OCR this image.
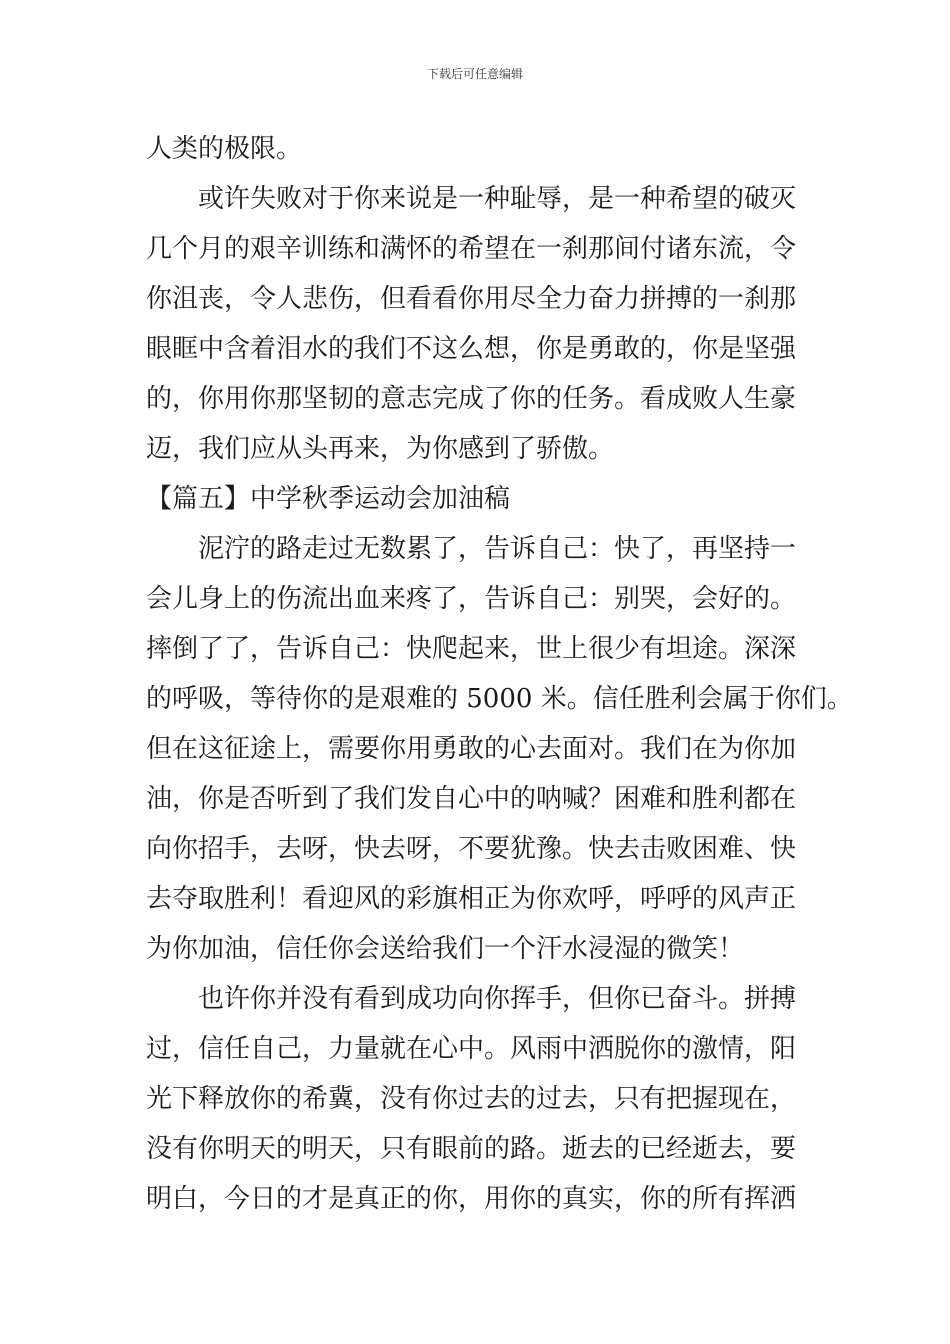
下载后可任意编辑
人类的极限。
或许失败对于你来说是一种耻辱，是一种希望的破灭
几个月的艰辛训练和满怀的希望在一刹那间付诸东流，令
你沮丧，令人悲伤，但看看你用尽全力奋力拼搏的一刹那
眼眶中含着泪水的我们不这么想，你是勇敢的，你是坚强
的，你用你那坚韧的意志完成了你的任务。看成败人生豪
迈，我们应从头再来，为你感到了骄傲。
【篇五】中学秋季运动会加油稿
泥泞的路走过无数累了，告诉自己：快了，再坚持一
会儿身上的伤流出血来疼了，告诉自己：别哭，会好的。
摔倒了了，告诉自己：快爬起来，世上很少有坦途。深深
的呼吸，等待你的是艰难的 5000 米。信任胜利会属于你们。
但在这征途上，需要你用勇敢的心去面对。我们在为你加
油，你是否听到了我们发自心中的呐喊？困难和胜利都在
向你招手，去呀，快去呀，不要犹豫。快去击败困难、快
去夺取胜利！看迎风的彩旗相正为你欢呼，呼呼的风声正
为你加油，信任你会送给我们一个汗水浸湿的微笑！
也许你并没有看到成功向你挥手，但你已奋斗。拼搏
过，信任自己，力量就在心中。风雨中洒脱你的激情，阳
光下释放你的希冀，没有你过去的过去，只有把握现在，
没有你明天的明天，只有眼前的路。逝去的已经逝去，要
明白，今日的才是真正的你，用你的真实，你的所有挥洒
